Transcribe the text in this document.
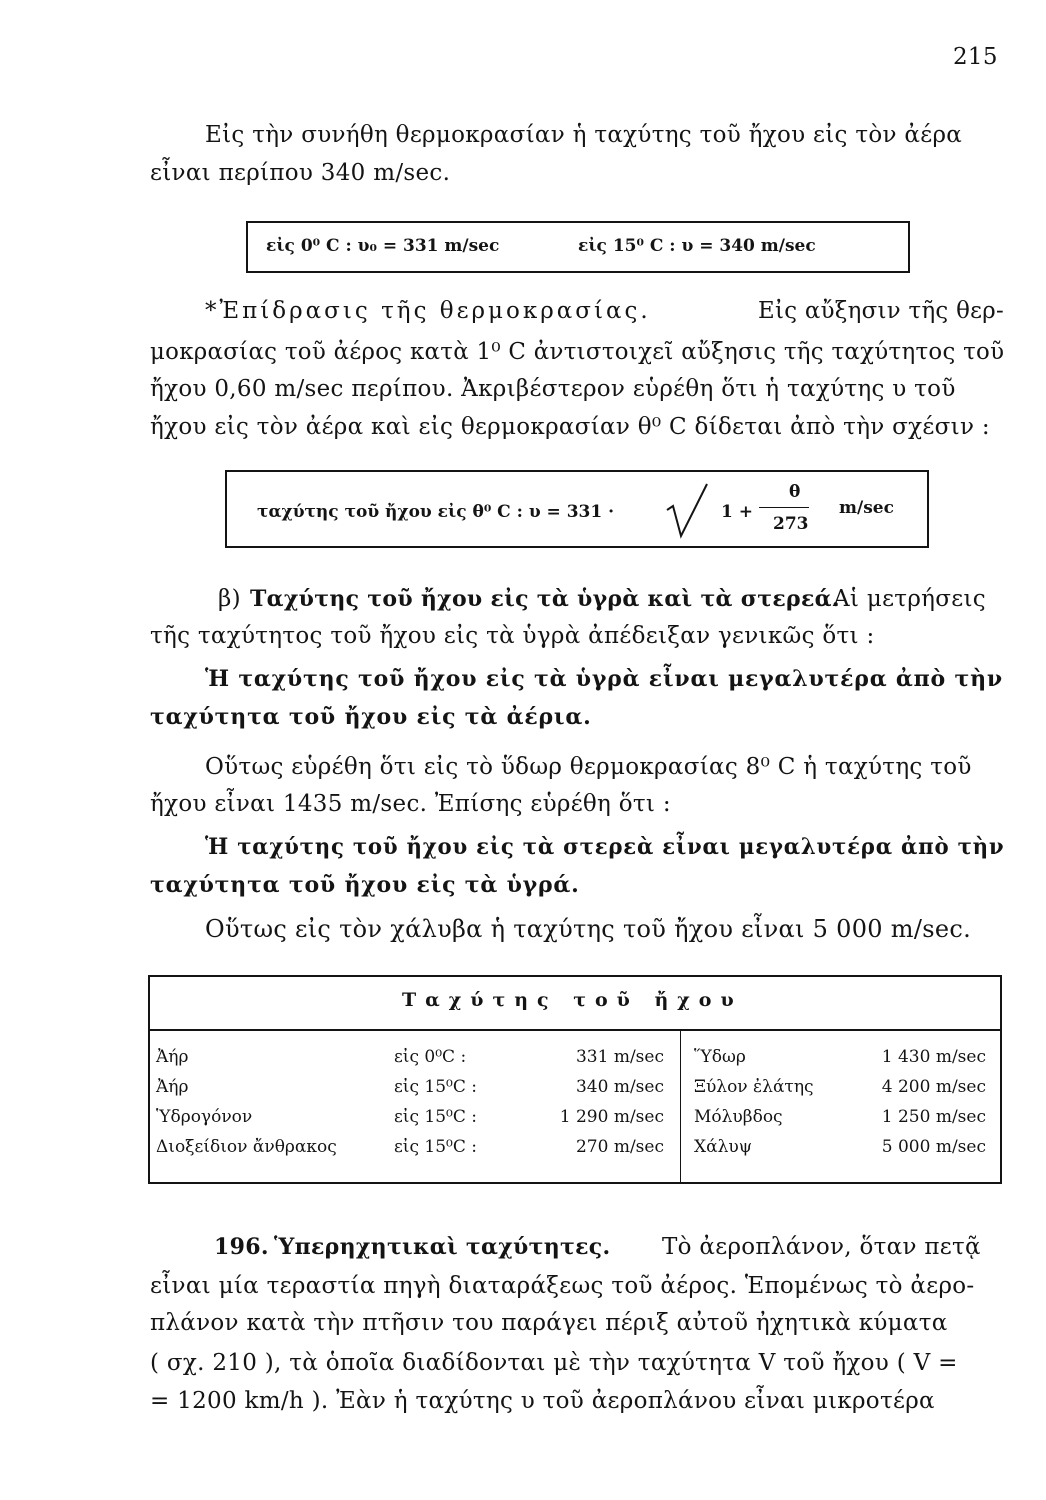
215
Εἰς τὴν συνήθη θερμοκρασίαν ἡ ταχύτης τοῦ ἤχου εἰς τὸν ἀέρα
εἶναι περίπου 340 m/sec.
εἰς 0⁰ C : υ₀ = 331 m/sec	εἰς 15⁰ C : υ = 340 m/sec
*Ἐπίδρασις τῆς θερμοκρασίας.	Εἰς αὔξησιν τῆς θερ-
μοκρασίας τοῦ ἀέρος κατὰ 1⁰ C ἀντιστοιχεῖ αὔξησις τῆς ταχύτητος τοῦ
ἤχου 0,60 m/sec περίπου. Ἀκριβέστερον εὑρέθη ὅτι ἡ ταχύτης υ τοῦ
ἤχου εἰς τὸν ἀέρα καὶ εἰς θερμοκρασίαν θ⁰ C δίδεται ἀπὸ τὴν σχέσιν :
ταχύτης τοῦ ἤχου εἰς θ⁰ C : υ = 331 ·	1 +
θ
273
m/sec
β) Ταχύτης τοῦ ἤχου εἰς τὰ ὑγρὰ καὶ τὰ στερεά.
Αἱ μετρήσεις
τῆς ταχύτητος τοῦ ἤχου εἰς τὰ ὑγρὰ ἀπέδειξαν γενικῶς ὅτι :
Ἡ ταχύτης τοῦ ἤχου εἰς τὰ ὑγρὰ εἶναι μεγαλυτέρα ἀπὸ τὴν
ταχύτητα τοῦ ἤχου εἰς τὰ ἀέρια.
Οὕτως εὑρέθη ὅτι εἰς τὸ ὕδωρ θερμοκρασίας 8⁰ C ἡ ταχύτης τοῦ
ἤχου εἶναι 1435 m/sec. Ἐπίσης εὑρέθη ὅτι :
Ἡ ταχύτης τοῦ ἤχου εἰς τὰ στερεὰ εἶναι μεγαλυτέρα ἀπὸ τὴν
ταχύτητα τοῦ ἤχου εἰς τὰ ὑγρά.
Οὕτως εἰς τὸν χάλυβα ἡ ταχύτης τοῦ ἤχου εἶναι 5 000 m/sec.
Ταχύτης τοῦ ἤχου
Ἀήρ	εἰς 0⁰C :	331 m/sec
Ἀήρ	εἰς 15⁰C :	340 m/sec
Ὑδρογόνον	εἰς 15⁰C :	1 290 m/sec
Διοξείδιον ἄνθρακος	εἰς 15⁰C :	270 m/sec
Ὕδωρ	1 430 m/sec
Ξύλον ἐλάτης	4 200 m/sec
Μόλυβδος	1 250 m/sec
Χάλυψ	5 000 m/sec
196. Ὑπερηχητικαὶ ταχύτητες. Τὸ ἀεροπλάνον, ὅταν πετᾷ
εἶναι μία τεραστία πηγὴ διαταράξεως τοῦ ἀέρος. Ἑπομένως τὸ ἀερο-
πλάνον κατὰ τὴν πτῆσιν του παράγει πέριξ αὐτοῦ ἠχητικὰ κύματα
( σχ. 210 ), τὰ ὁποῖα διαδίδονται μὲ τὴν ταχύτητα V τοῦ ἤχου ( V =
= 1200 km/h ). Ἐὰν ἡ ταχύτης υ τοῦ ἀεροπλάνου εἶναι μικροτέρα
